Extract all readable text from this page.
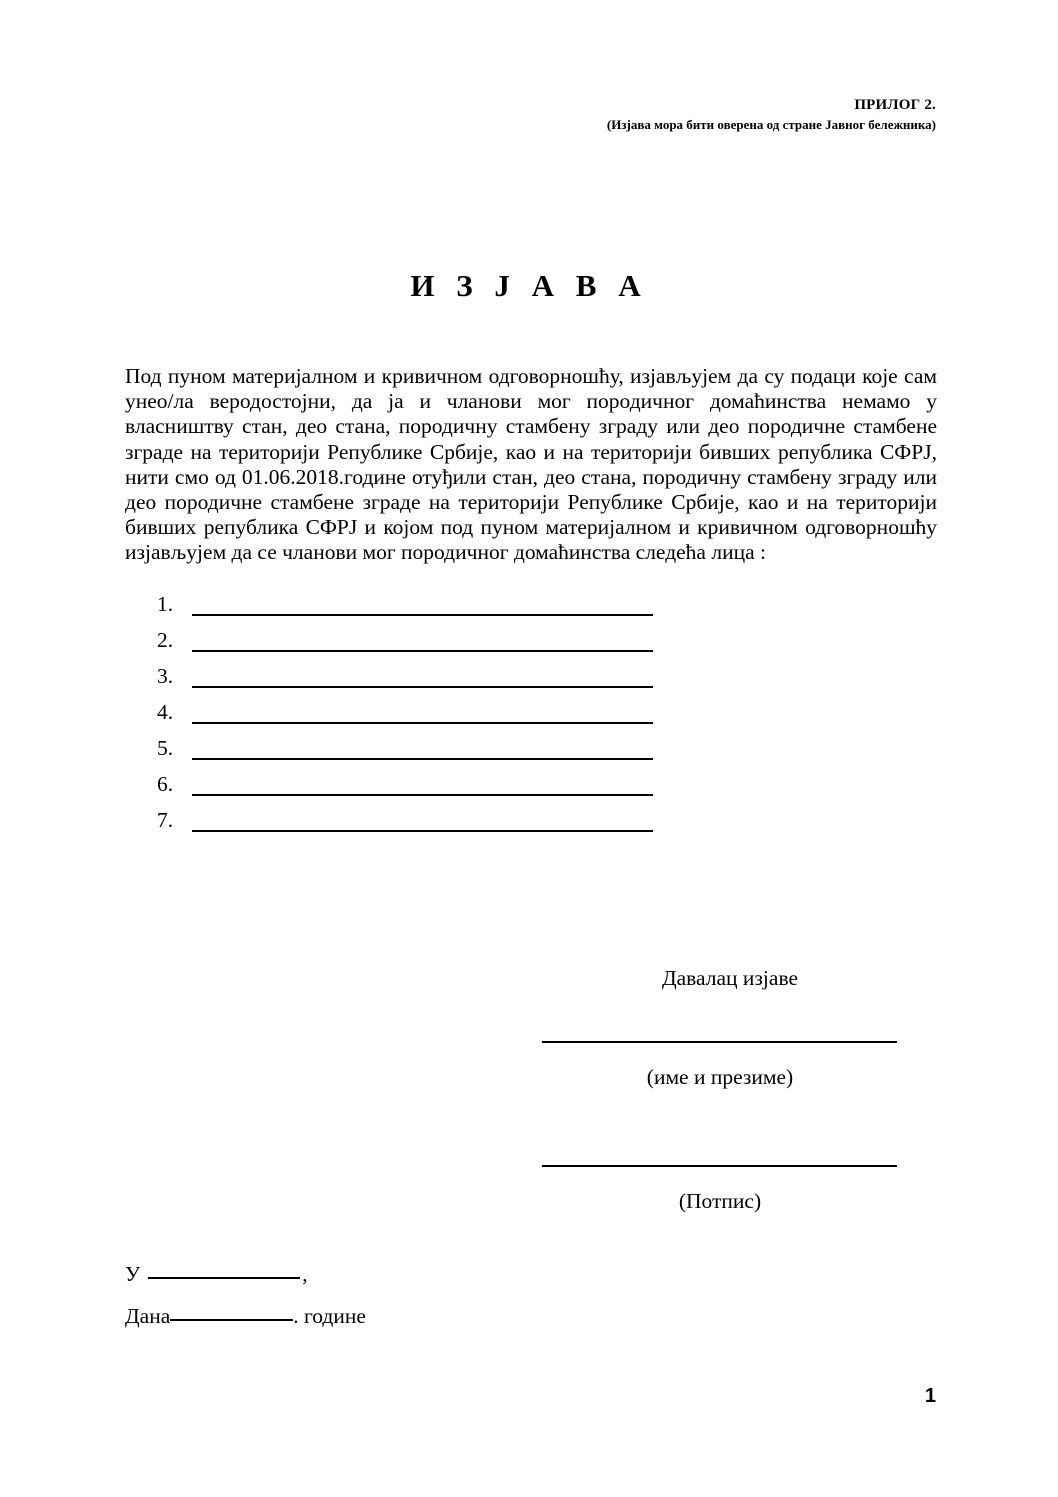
ПРИЛОГ 2.
(Изјава мора бити оверена од стране Јавног бележника)
И З Ј А В А

Под пуном материјалном и кривичном одговорношћу, изјављујем да су подаци које сам унео/ла веродостојни, да ја и чланови мог породичног домаћинства немамо у власништву стан, део стана, породичну стамбену зграду или део породичне стамбене зграде на територији Републике Србије, као и на територији бивших република СФРЈ, нити смо од 01.06.2018.године отуђили стан, део стана, породичну стамбену зграду или део породичне стамбене зграде на територији Републике Србије, као и на територији бивших република СФРЈ и којом под пуном материјалном и кривичном одговорношћу изјављујем да се чланови мог породичног домаћинства следећа лица :

1.
2.
3.
4.
5.
6.
7.
Давалац изјаве
(име и презиме)
(Потпис)
У	,
Дана	. године
1
